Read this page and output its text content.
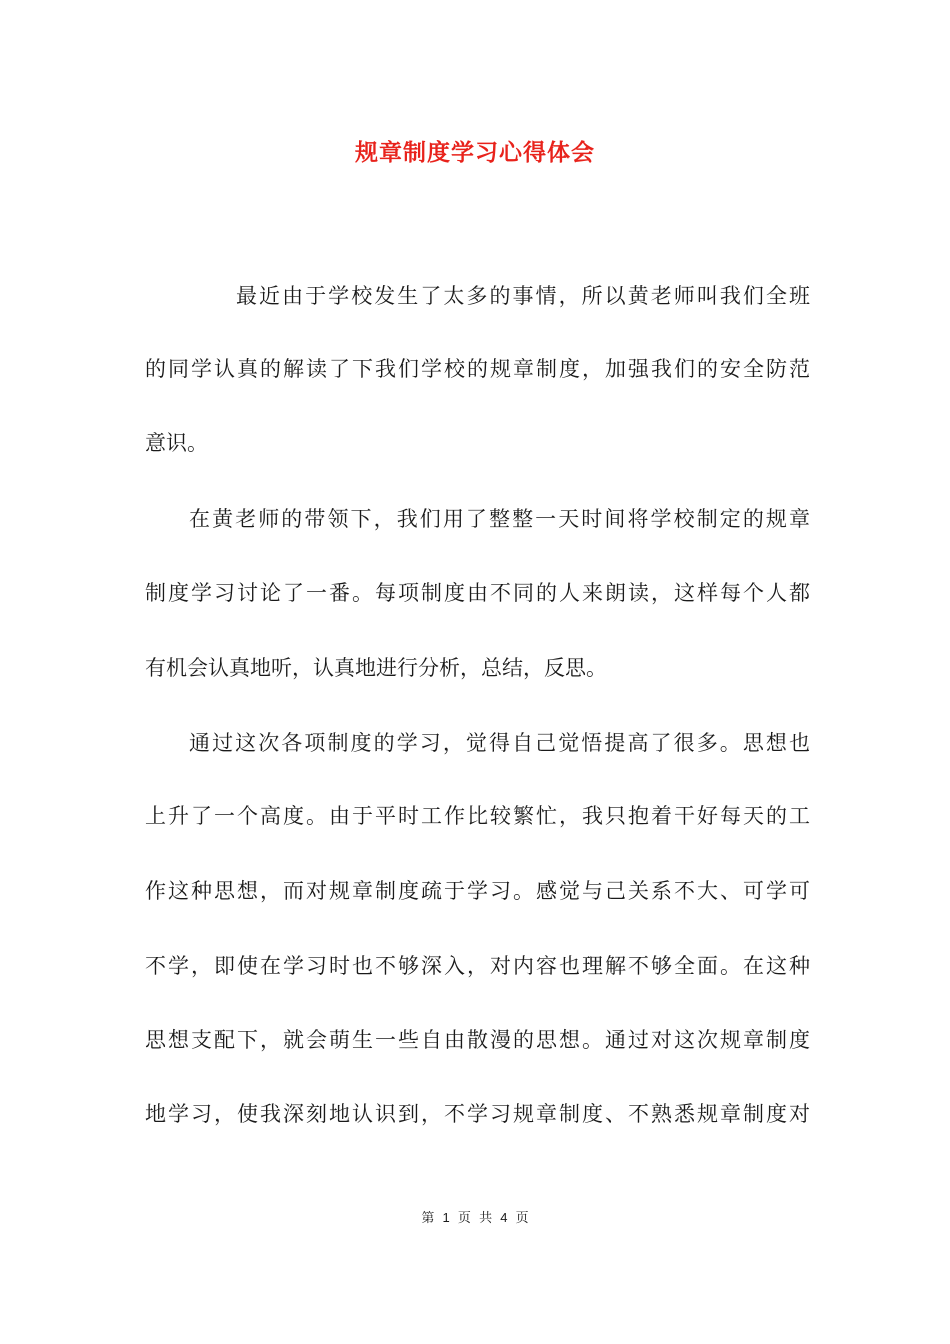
规章制度学习心得体会
最近由于学校发生了太多的事情，所以黄老师叫我们全班
的同学认真的解读了下我们学校的规章制度，加强我们的安全防范
意识。
在黄老师的带领下，我们用了整整一天时间将学校制定的规章
制度学习讨论了一番。每项制度由不同的人来朗读，这样每个人都
有机会认真地听，认真地进行分析，总结，反思。
通过这次各项制度的学习，觉得自己觉悟提高了很多。思想也
上升了一个高度。由于平时工作比较繁忙，我只抱着干好每天的工
作这种思想，而对规章制度疏于学习。感觉与己关系不大、可学可
不学，即使在学习时也不够深入，对内容也理解不够全面。在这种
思想支配下，就会萌生一些自由散漫的思想。通过对这次规章制度
地学习，使我深刻地认识到，不学习规章制度、不熟悉规章制度对
第 1 页 共 4 页
